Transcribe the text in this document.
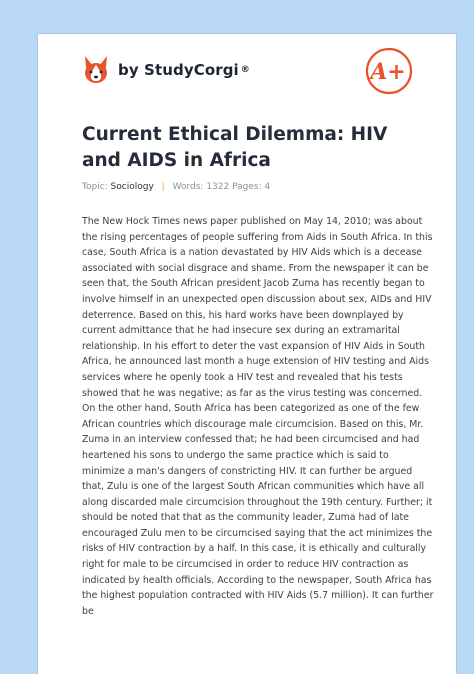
by StudyCorgi ®	A+
Current Ethical Dilemma: HIV and AIDS in Africa
Topic: Sociology | Words: 1322 Pages: 4

The New Hock Times news paper published on May 14, 2010; was about the rising percentages of people suffering from Aids in South Africa. In this case, South Africa is a nation devastated by HIV Aids which is a decease associated with social disgrace and shame. From the newspaper it can be seen that, the South African president Jacob Zuma has recently began to involve himself in an unexpected open discussion about sex, AIDs and HIV deterrence. Based on this, his hard works have been downplayed by current admittance that he had insecure sex during an extramarital relationship. In his effort to deter the vast expansion of HIV Aids in South Africa, he announced last month a huge extension of HIV testing and Aids services where he openly took a HIV test and revealed that his tests showed that he was negative; as far as the virus testing was concerned. On the other hand, South Africa has been categorized as one of the few African countries which discourage male circumcision. Based on this, Mr. Zuma in an interview confessed that; he had been circumcised and had heartened his sons to undergo the same practice which is said to minimize a man's dangers of constricting HIV. It can further be argued that, Zulu is one of the largest South African communities which have all along discarded male circumcision throughout the 19th century. Further; it should be noted that that as the community leader, Zuma had of late encouraged Zulu men to be circumcised saying that the act minimizes the risks of HIV contraction by a half. In this case, it is ethically and culturally right for male to be circumcised in order to reduce HIV contraction as indicated by health officials. According to the newspaper, South Africa has the highest population contracted with HIV Aids (5.7 million). It can further be
